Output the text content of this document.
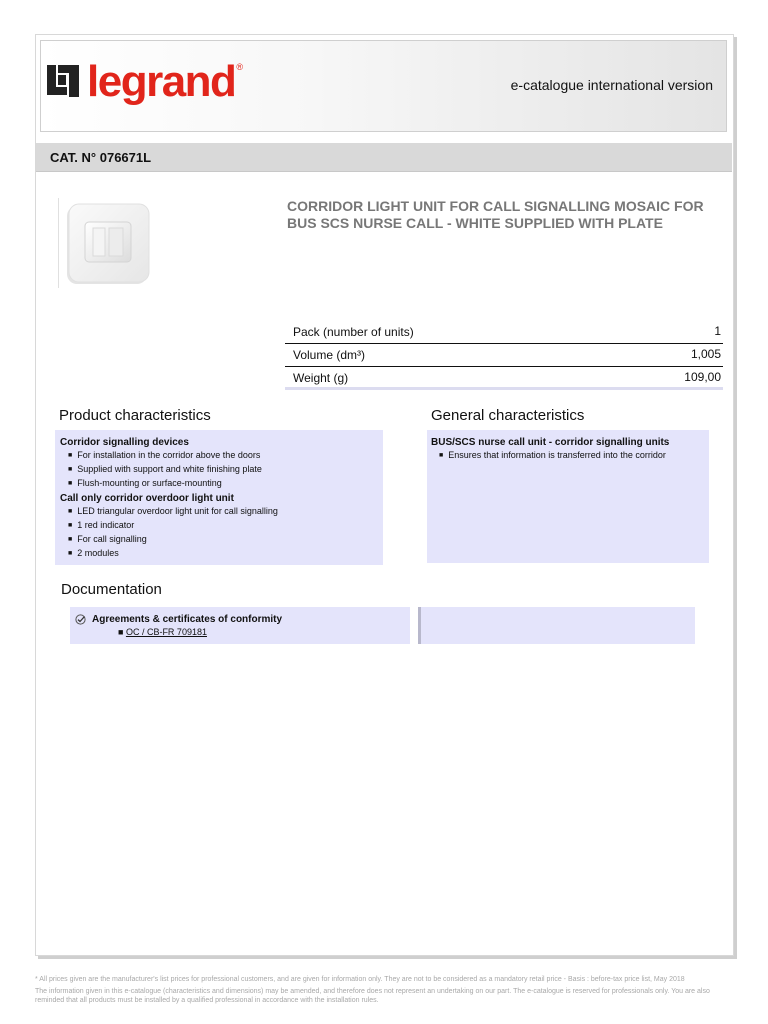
legrand ®
e-catalogue international version
CAT. N° 076671L
CORRIDOR LIGHT UNIT FOR CALL SIGNALLING MOSAIC FOR BUS SCS NURSE CALL - WHITE SUPPLIED WITH PLATE
Pack (number of units)	1
Volume (dm³)	1,005
Weight (g)	109,00
Product characteristics	General characteristics
Corridor signalling devices
■ For installation in the corridor above the doors
■ Supplied with support and white finishing plate
■ Flush-mounting or surface-mounting
Call only corridor overdoor light unit
■ LED triangular overdoor light unit for call signalling
■ 1 red indicator
■ For call signalling
■ 2 modules
BUS/SCS nurse call unit - corridor signalling units
■ Ensures that information is transferred into the corridor
Documentation
Agreements & certificates of conformity
■ OC / CB-FR 709181

* All prices given are the manufacturer's list prices for professional customers, and are given for information only. They are not to be considered as a mandatory retail price - Basis : before-tax price list, May 2018

The information given in this e-catalogue (characteristics and dimensions) may be amended, and therefore does not represent an undertaking on our part. The e-catalogue is reserved for professionals only. You are also reminded that all products must be installed by a qualified professional in accordance with the installation rules.
